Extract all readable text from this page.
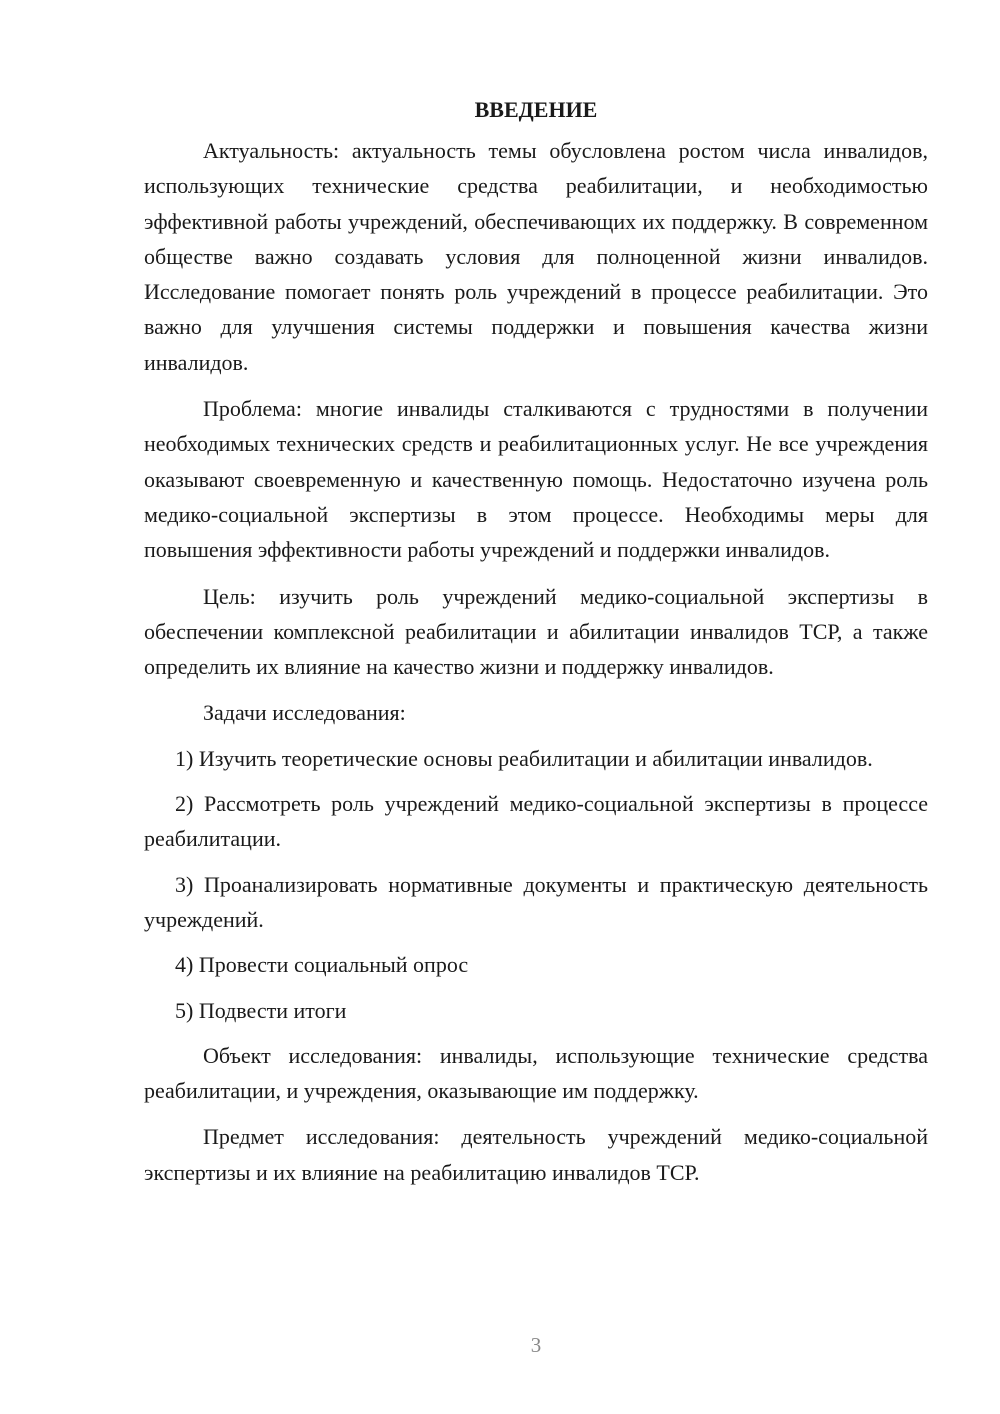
ВВЕДЕНИЕ

Актуальность: актуальность темы обусловлена ростом числа инвалидов, использующих технические средства реабилитации, и необходимостью эффективной работы учреждений, обеспечивающих их поддержку. В современном обществе важно создавать условия для полноценной жизни инвалидов. Исследование помогает понять роль учреждений в процессе реабилитации. Это важно для улучшения системы поддержки и повышения качества жизни инвалидов.

Проблема: многие инвалиды сталкиваются с трудностями в получении необходимых технических средств и реабилитационных услуг. Не все учреждения оказывают своевременную и качественную помощь. Недостаточно изучена роль медико-социальной экспертизы в этом процессе. Необходимы меры для повышения эффективности работы учреждений и поддержки инвалидов.

Цель: изучить роль учреждений медико-социальной экспертизы в обеспечении комплексной реабилитации и абилитации инвалидов ТСР, а также определить их влияние на качество жизни и поддержку инвалидов.

Задачи исследования:

1) Изучить теоретические основы реабилитации и абилитации инвалидов.

2) Рассмотреть роль учреждений медико-социальной экспертизы в процессе реабилитации.

3) Проанализировать нормативные документы и практическую деятельность учреждений.

4) Провести социальный опрос

5) Подвести итоги

Объект исследования: инвалиды, использующие технические средства реабилитации, и учреждения, оказывающие им поддержку.

Предмет исследования: деятельность учреждений медико-социальной экспертизы и их влияние на реабилитацию инвалидов ТСР.

3
